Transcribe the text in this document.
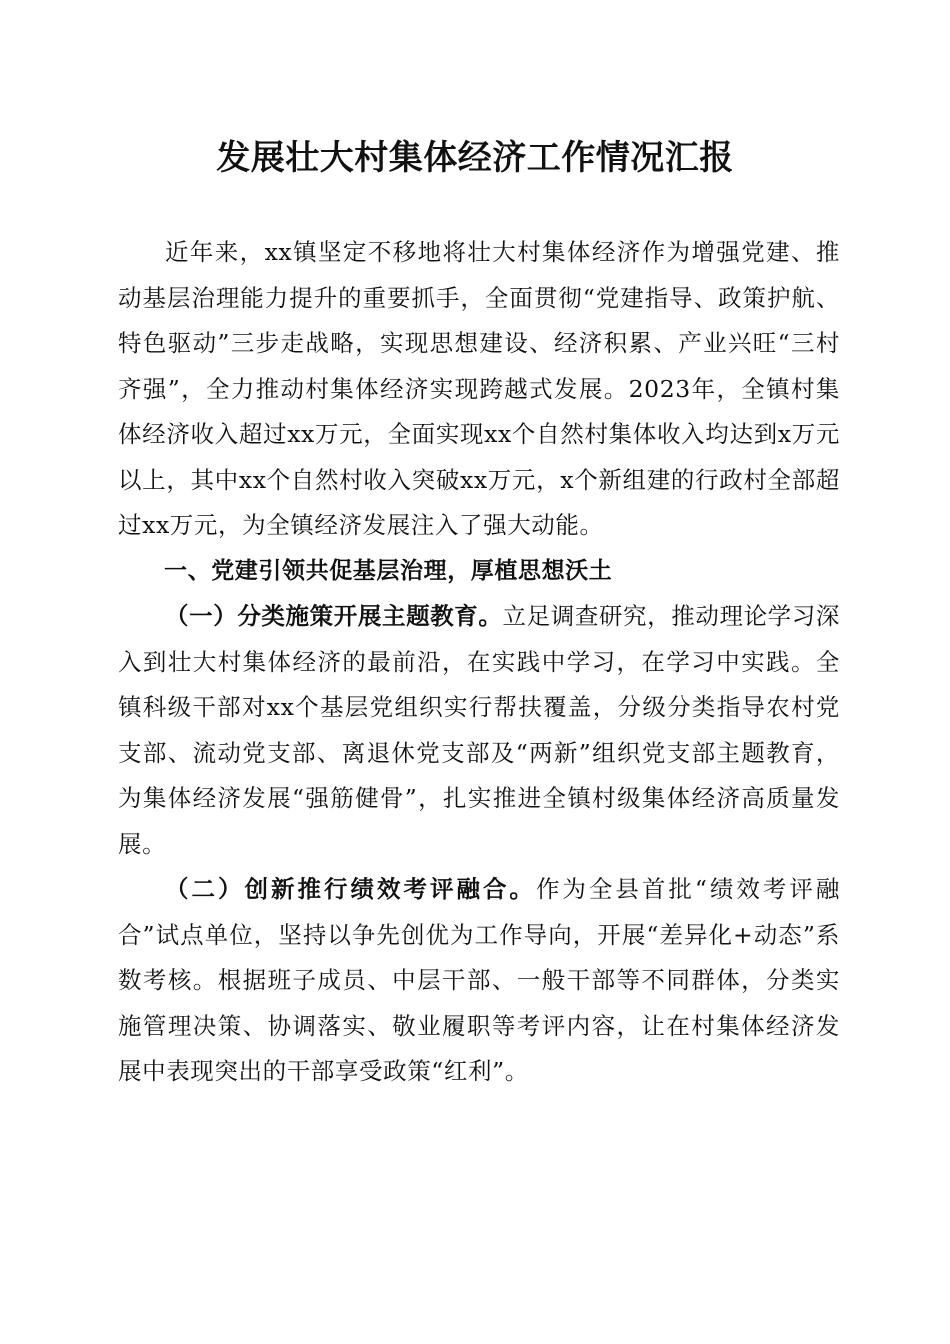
发展壮大村集体经济工作情况汇报

近年来，xx镇坚定不移地将壮大村集体经济作为增强党建、推动基层治理能力提升的重要抓手，全面贯彻“党建指导、政策护航、特色驱动”三步走战略，实现思想建设、经济积累、产业兴旺“三村齐强”，全力推动村集体经济实现跨越式发展。2023年，全镇村集体经济收入超过xx万元，全面实现xx个自然村集体收入均达到x万元以上，其中xx个自然村收入突破xx万元，x个新组建的行政村全部超过xx万元，为全镇经济发展注入了强大动能。

一、党建引领共促基层治理，厚植思想沃土

（一）分类施策开展主题教育。立足调查研究，推动理论学习深入到壮大村集体经济的最前沿，在实践中学习，在学习中实践。全镇科级干部对xx个基层党组织实行帮扶覆盖，分级分类指导农村党支部、流动党支部、离退休党支部及“两新”组织党支部主题教育，为集体经济发展“强筋健骨”，扎实推进全镇村级集体经济高质量发展。

（二）创新推行绩效考评融合。作为全县首批“绩效考评融合”试点单位，坚持以争先创优为工作导向，开展“差异化+动态”系数考核。根据班子成员、中层干部、一般干部等不同群体，分类实施管理决策、协调落实、敬业履职等考评内容，让在村集体经济发展中表现突出的干部享受政策“红利”。
